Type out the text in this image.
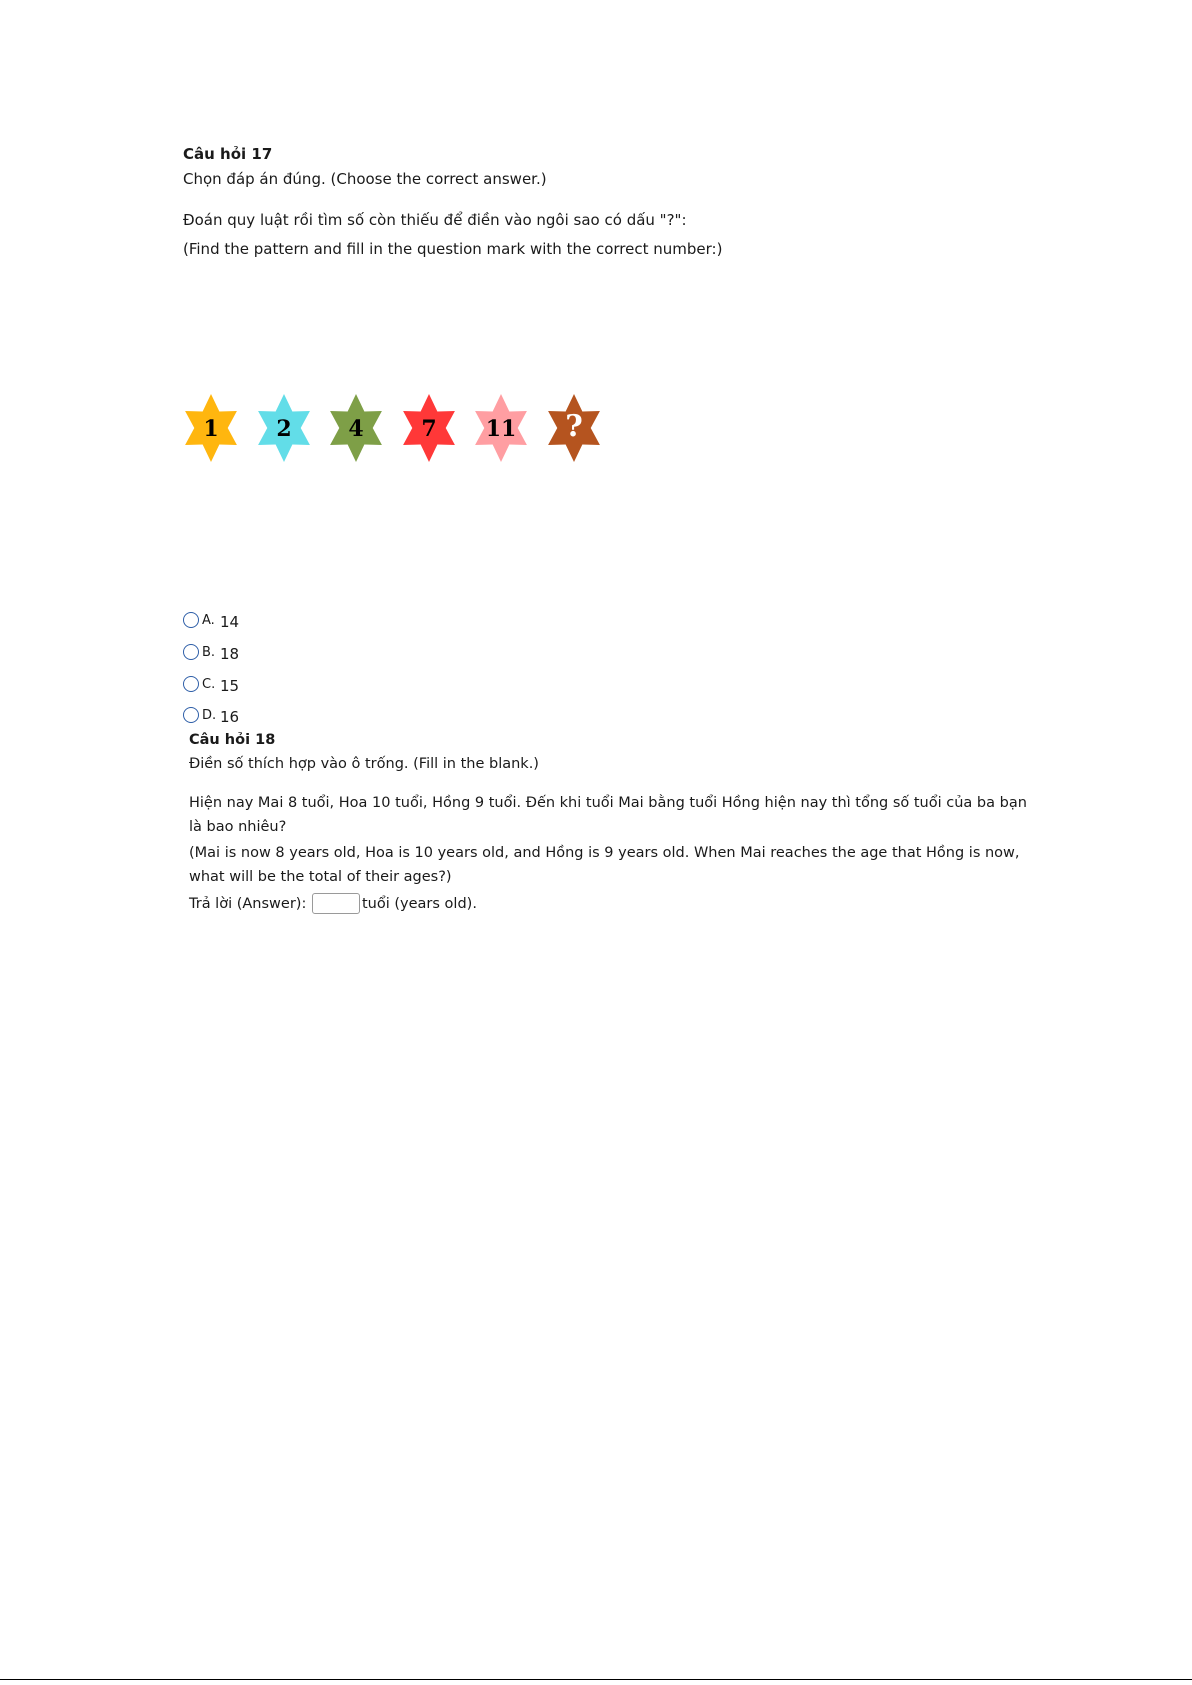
Câu hỏi 17
Chọn đáp án đúng. (Choose the correct answer.)
Đoán quy luật rồi tìm số còn thiếu để điền vào ngôi sao có dấu "?":
(Find the pattern and fill in the question mark with the correct number:)
1	2	4	7 11 ?
A. 14
B. 18
C. 15
D. 16
Câu hỏi 18
Điền số thích hợp vào ô trống. (Fill in the blank.)
Hiện nay Mai 8 tuổi, Hoa 10 tuổi, Hồng 9 tuổi. Đến khi tuổi Mai bằng tuổi Hồng hiện nay thì tổng số tuổi của ba bạn
là bao nhiêu?
(Mai is now 8 years old, Hoa is 10 years old, and Hồng is 9 years old. When Mai reaches the age that Hồng is now,
what will be the total of their ages?)
Trả lời (Answer):	tuổi (years old).
